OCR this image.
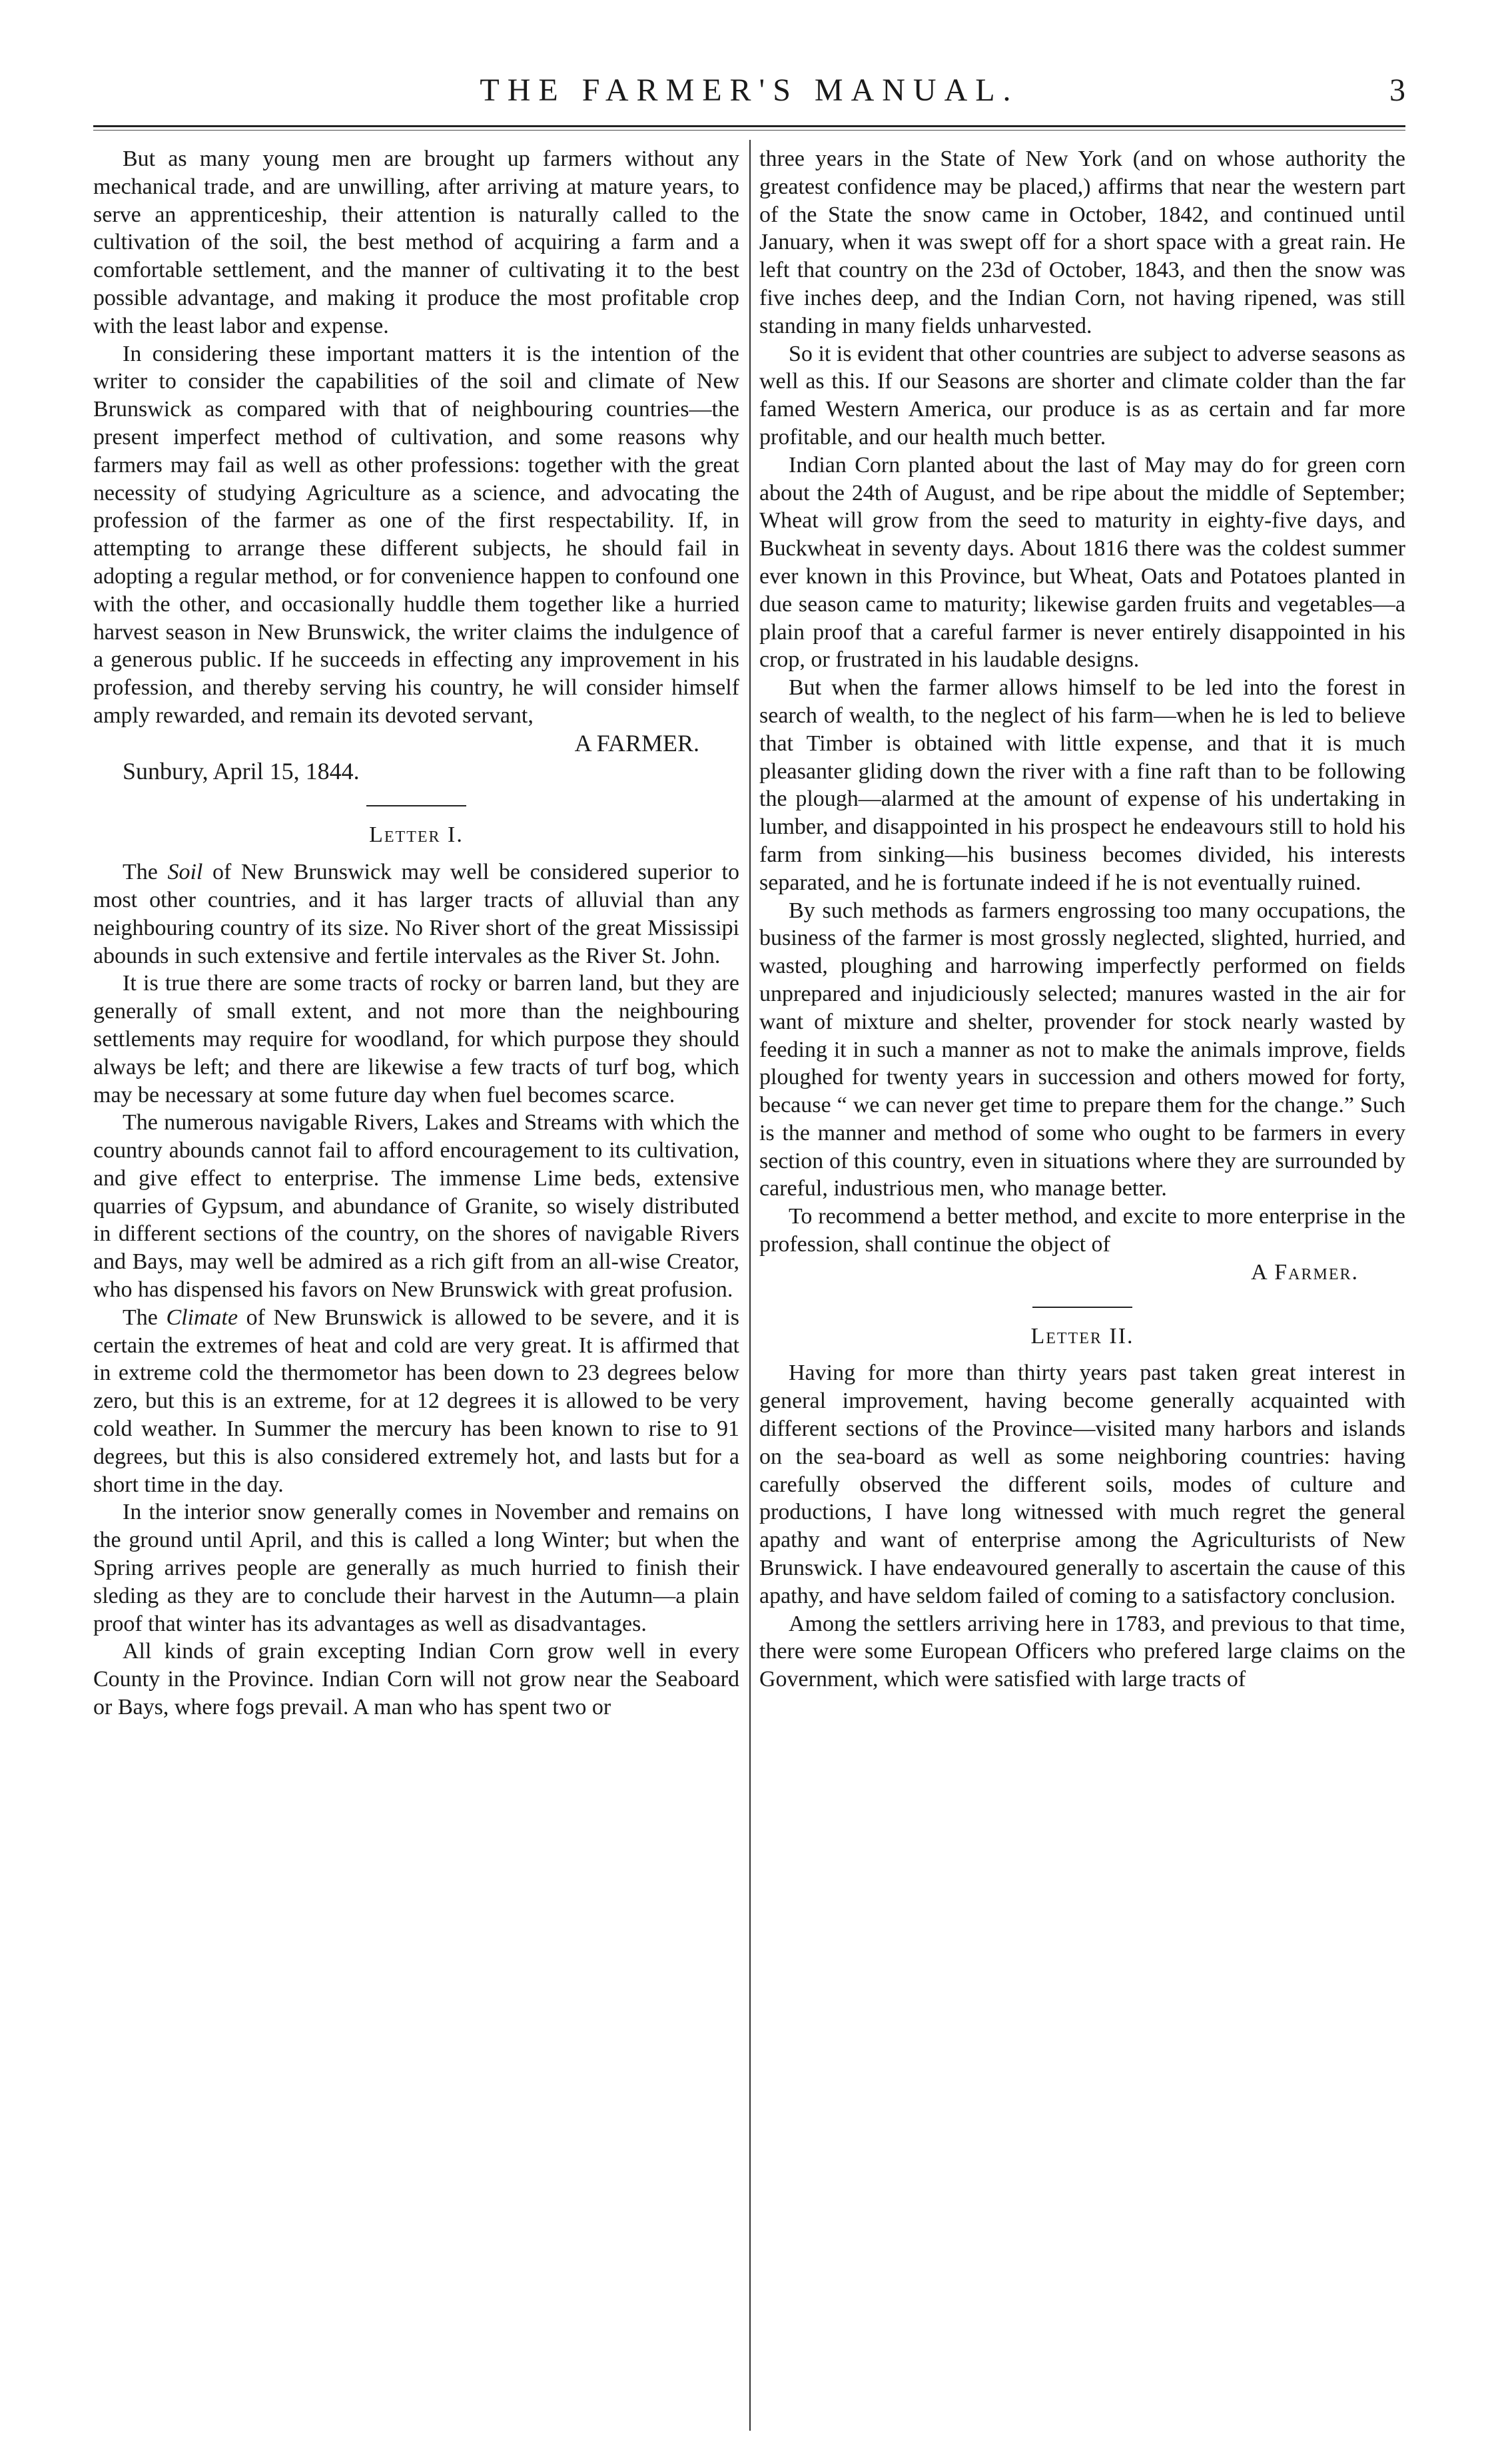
THE FARMER'S MANUAL.	3

But as many young men are brought up farmers without any mechanical trade, and are unwilling, after arriving at mature years, to serve an apprenticeship, their attention is naturally called to the cultivation of the soil, the best method of acquiring a farm and a comfortable settlement, and the manner of cultivating it to the best possible advantage, and making it produce the most profitable crop with the least labor and expense.

In considering these important matters it is the intention of the writer to consider the capabilities of the soil and climate of New Brunswick as compared with that of neighbouring countries—the present imperfect method of cultivation, and some reasons why farmers may fail as well as other professions: together with the great necessity of studying Agriculture as a science, and advocating the profession of the farmer as one of the first respectability. If, in attempting to arrange these different subjects, he should fail in adopting a regular method, or for convenience happen to confound one with the other, and occasionally huddle them together like a hurried harvest season in New Brunswick, the writer claims the indulgence of a generous public. If he succeeds in effecting any improvement in his profession, and thereby serving his country, he will consider himself amply rewarded, and remain its devoted servant,

A FARMER.

Sunbury, April 15, 1844.

Letter I.

The Soil of New Brunswick may well be considered superior to most other countries, and it has larger tracts of alluvial than any neighbouring country of its size. No River short of the great Mississipi abounds in such extensive and fertile intervales as the River St. John.

It is true there are some tracts of rocky or barren land, but they are generally of small extent, and not more than the neighbouring settlements may require for woodland, for which purpose they should always be left; and there are likewise a few tracts of turf bog, which may be necessary at some future day when fuel becomes scarce.

The numerous navigable Rivers, Lakes and Streams with which the country abounds cannot fail to afford encouragement to its cultivation, and give effect to enterprise. The immense Lime beds, extensive quarries of Gypsum, and abundance of Granite, so wisely distributed in different sections of the country, on the shores of navigable Rivers and Bays, may well be admired as a rich gift from an all-wise Creator, who has dispensed his favors on New Brunswick with great profusion.

The Climate of New Brunswick is allowed to be severe, and it is certain the extremes of heat and cold are very great. It is affirmed that in extreme cold the thermometor has been down to 23 degrees below zero, but this is an extreme, for at 12 degrees it is allowed to be very cold weather. In Summer the mercury has been known to rise to 91 degrees, but this is also considered extremely hot, and lasts but for a short time in the day.

In the interior snow generally comes in November and remains on the ground until April, and this is called a long Winter; but when the Spring arrives people are generally as much hurried to finish their sleding as they are to conclude their harvest in the Autumn—a plain proof that winter has its advantages as well as disadvantages.

All kinds of grain excepting Indian Corn grow well in every County in the Province. Indian Corn will not grow near the Seaboard or Bays, where fogs prevail. A man who has spent two or

three years in the State of New York (and on whose authority the greatest confidence may be placed,) affirms that near the western part of the State the snow came in October, 1842, and continued until January, when it was swept off for a short space with a great rain. He left that country on the 23d of October, 1843, and then the snow was five inches deep, and the Indian Corn, not having ripened, was still standing in many fields unharvested.

So it is evident that other countries are subject to adverse seasons as well as this. If our Seasons are shorter and climate colder than the far famed Western America, our produce is as as certain and far more profitable, and our health much better.

Indian Corn planted about the last of May may do for green corn about the 24th of August, and be ripe about the middle of September; Wheat will grow from the seed to maturity in eighty-five days, and Buckwheat in seventy days. About 1816 there was the coldest summer ever known in this Province, but Wheat, Oats and Potatoes planted in due season came to maturity; likewise garden fruits and vegetables—a plain proof that a careful farmer is never entirely disappointed in his crop, or frustrated in his laudable designs.

But when the farmer allows himself to be led into the forest in search of wealth, to the neglect of his farm—when he is led to believe that Timber is obtained with little expense, and that it is much pleasanter gliding down the river with a fine raft than to be following the plough—alarmed at the amount of expense of his undertaking in lumber, and disappointed in his prospect he endeavours still to hold his farm from sinking—his business becomes divided, his interests separated, and he is fortunate indeed if he is not eventually ruined.

By such methods as farmers engrossing too many occupations, the business of the farmer is most grossly neglected, slighted, hurried, and wasted, ploughing and harrowing imperfectly performed on fields unprepared and injudiciously selected; manures wasted in the air for want of mixture and shelter, provender for stock nearly wasted by feeding it in such a manner as not to make the animals improve, fields ploughed for twenty years in succession and others mowed for forty, because “ we can never get time to prepare them for the change.” Such is the manner and method of some who ought to be farmers in every section of this country, even in situations where they are surrounded by careful, industrious men, who manage better.

To recommend a better method, and excite to more enterprise in the profession, shall continue the object of

A Farmer.
Letter II.

Having for more than thirty years past taken great interest in general improvement, having become generally acquainted with different sections of the Province—visited many harbors and islands on the sea-board as well as some neighboring countries: having carefully observed the different soils, modes of culture and productions, I have long witnessed with much regret the general apathy and want of enterprise among the Agriculturists of New Brunswick. I have endeavoured generally to ascertain the cause of this apathy, and have seldom failed of coming to a satisfactory conclusion.

Among the settlers arriving here in 1783, and previous to that time, there were some European Officers who prefered large claims on the Government, which were satisfied with large tracts of
